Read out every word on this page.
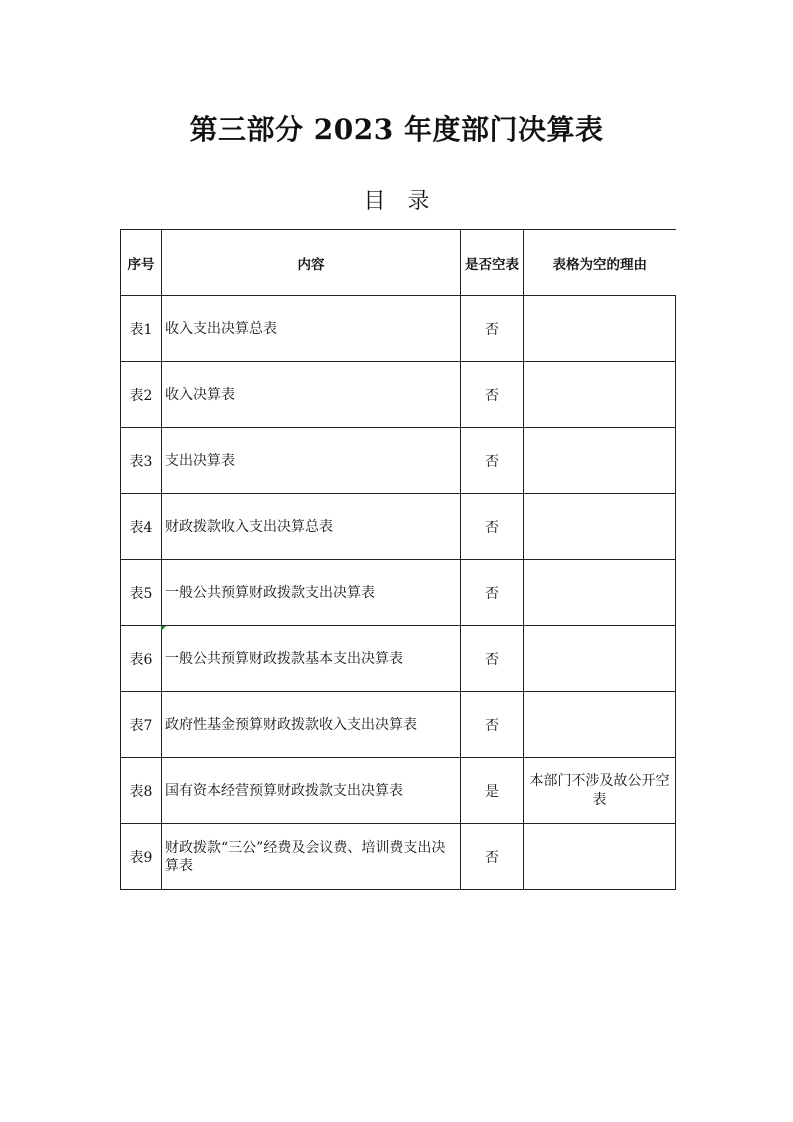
第三部分 2023 年度部门决算表
目录
序号	内容	是否空表	表格为空的理由
表1	收入支出决算总表	否	
表2	收入决算表	否	
表3	支出决算表	否	
表4	财政拨款收入支出决算总表	否	
表5	一般公共预算财政拨款支出决算表	否	
表6	一般公共预算财政拨款基本支出决算表	否	
表7	政府性基金预算财政拨款收入支出决算表	否	
表8	国有资本经营预算财政拨款支出决算表	是	本部门不涉及故公开空表
表9	财政拨款“三公”经费及会议费、培训费支出决算表	否	
